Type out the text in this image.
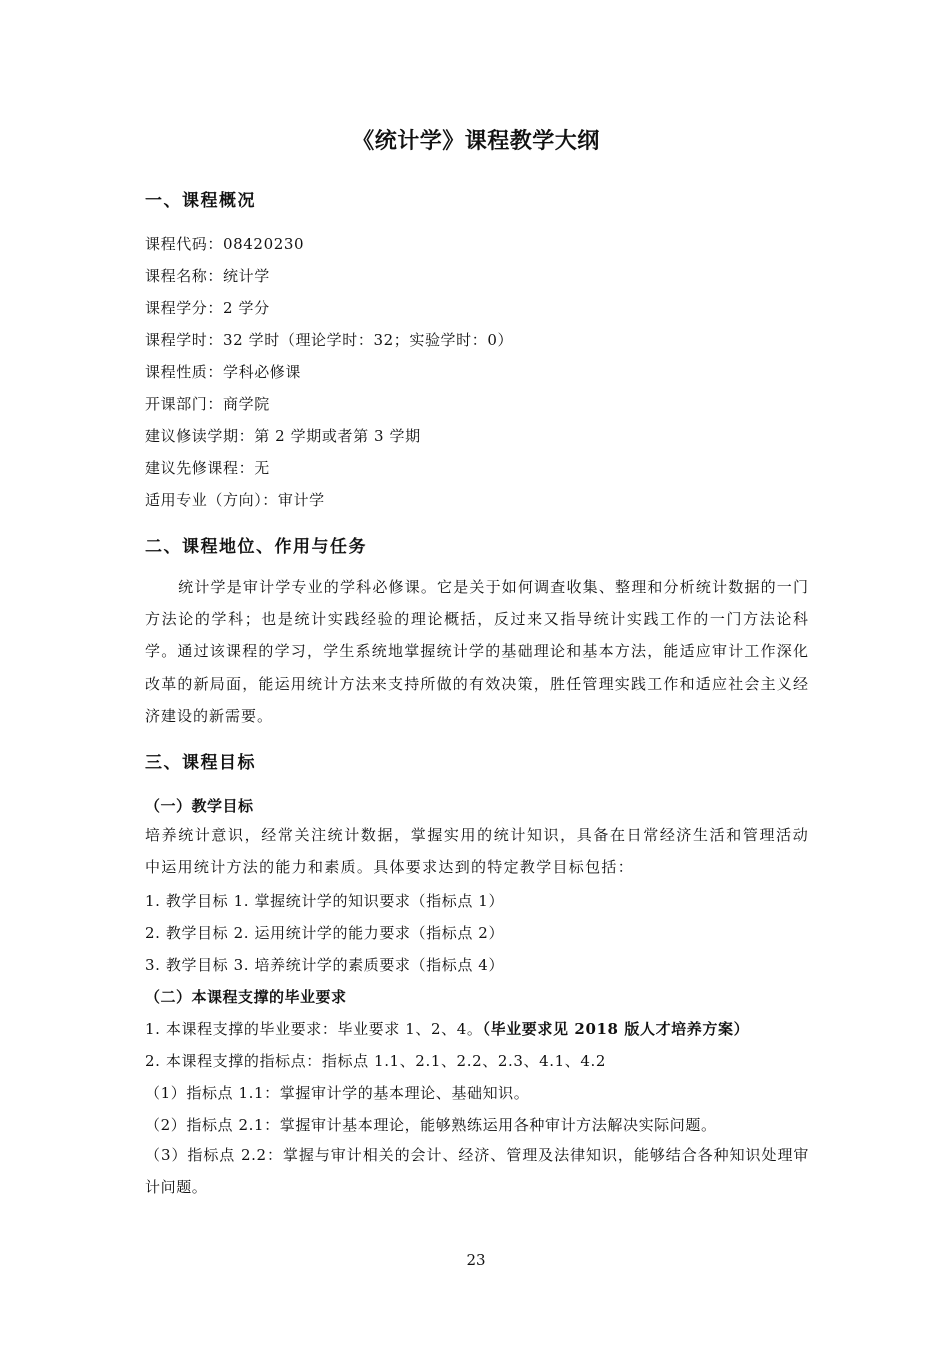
《统计学》课程教学大纲
一、课程概况
课程代码：08420230
课程名称：统计学
课程学分：2 学分
课程学时：32 学时（理论学时：32；实验学时：0）
课程性质：学科必修课
开课部门：商学院
建议修读学期：第 2 学期或者第 3 学期
建议先修课程：无
适用专业（方向）：审计学
二、课程地位、作用与任务
统计学是审计学专业的学科必修课。它是关于如何调查收集、整理和分析统计数据的一门方法论的学科；也是统计实践经验的理论概括，反过来又指导统计实践工作的一门方法论科学。通过该课程的学习，学生系统地掌握统计学的基础理论和基本方法，能适应审计工作深化改革的新局面，能运用统计方法来支持所做的有效决策，胜任管理实践工作和适应社会主义经济建设的新需要。
三、课程目标
（一）教学目标
培养统计意识，经常关注统计数据，掌握实用的统计知识，具备在日常经济生活和管理活动中运用统计方法的能力和素质。具体要求达到的特定教学目标包括：
1. 教学目标 1. 掌握统计学的知识要求（指标点 1）
2. 教学目标 2. 运用统计学的能力要求（指标点 2）
3. 教学目标 3. 培养统计学的素质要求（指标点 4）
（二）本课程支撑的毕业要求
1. 本课程支撑的毕业要求：毕业要求 1、2、4。（毕业要求见 2018 版人才培养方案）
2. 本课程支撑的指标点：指标点 1.1、2.1、2.2、2.3、4.1、4.2
（1）指标点 1.1：掌握审计学的基本理论、基础知识。
（2）指标点 2.1：掌握审计基本理论，能够熟练运用各种审计方法解决实际问题。
（3）指标点 2.2：掌握与审计相关的会计、经济、管理及法律知识，能够结合各种知识处理审计问题。
23
